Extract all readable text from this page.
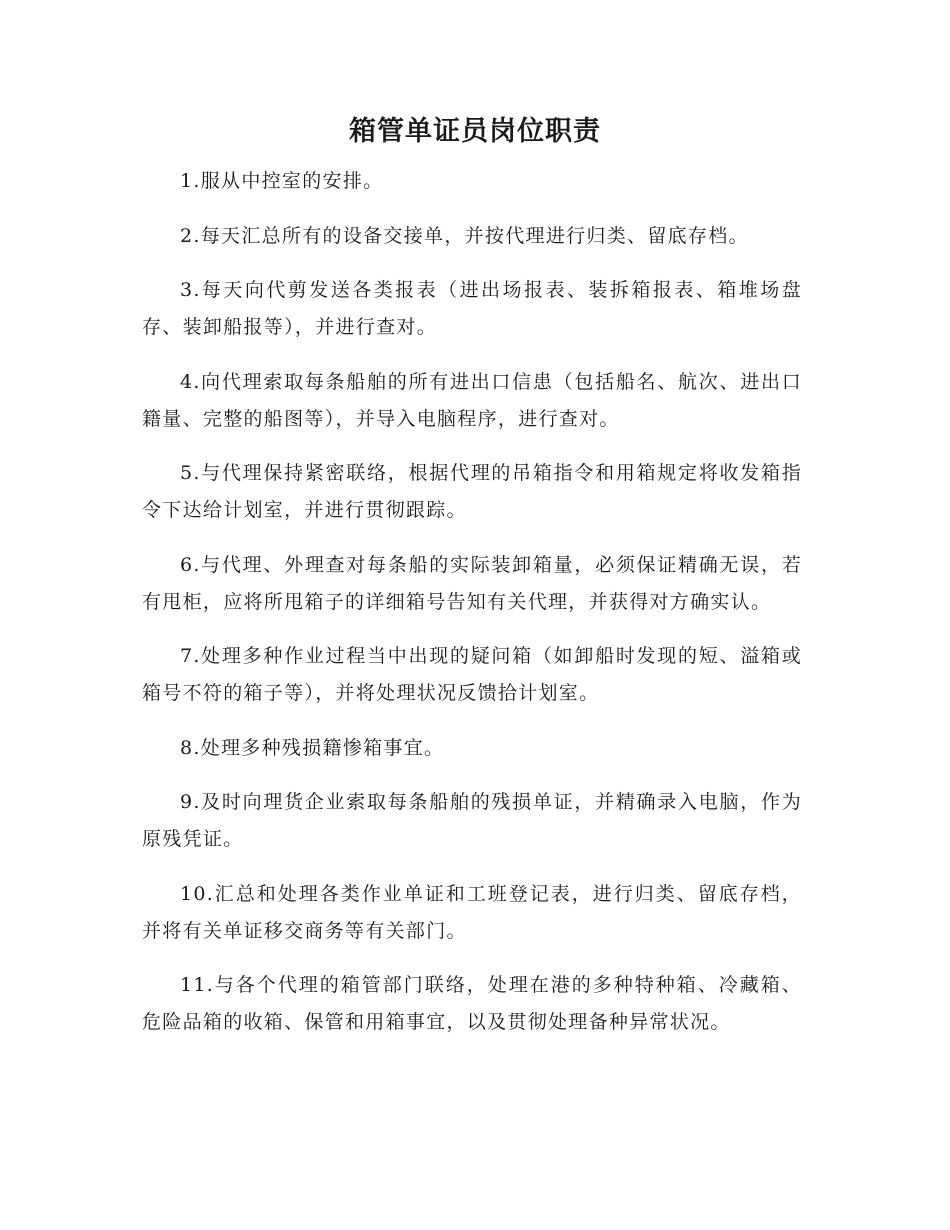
箱管单证员岗位职责

1.服从中控室的安排。

2.每天汇总所有的设备交接单，并按代理进行归类、留底存档。

3.每天向代剪发送各类报表（进出场报表、装拆箱报表、箱堆场盘存、装卸船报等），并进行查对。

4.向代理索取每条船舶的所有进出口信患（包括船名、航次、进出口籍量、完整的船图等），并导入电脑程序，进行查对。

5.与代理保持紧密联络，根据代理的吊箱指令和用箱规定将收发箱指令下达给计划室，并进行贯彻跟踪。

6.与代理、外理查对每条船的实际装卸箱量，必须保证精确无误，若有甩柜，应将所甩箱子的详细箱号告知有关代理，并获得对方确实认。

7.处理多种作业过程当中出现的疑问箱（如卸船时发现的短、溢箱或箱号不符的箱子等），并将处理状况反馈拾计划室。

8.处理多种残损籍惨箱事宜。

9.及时向理货企业索取每条船舶的残损单证，并精确录入电脑，作为原残凭证。

10.汇总和处理各类作业单证和工班登记表，进行归类、留底存档，并将有关单证移交商务等有关部门。

11.与各个代理的箱管部门联络，处理在港的多种特种箱、冷藏箱、危险品箱的收箱、保管和用箱事宜，以及贯彻处理备种异常状况。
